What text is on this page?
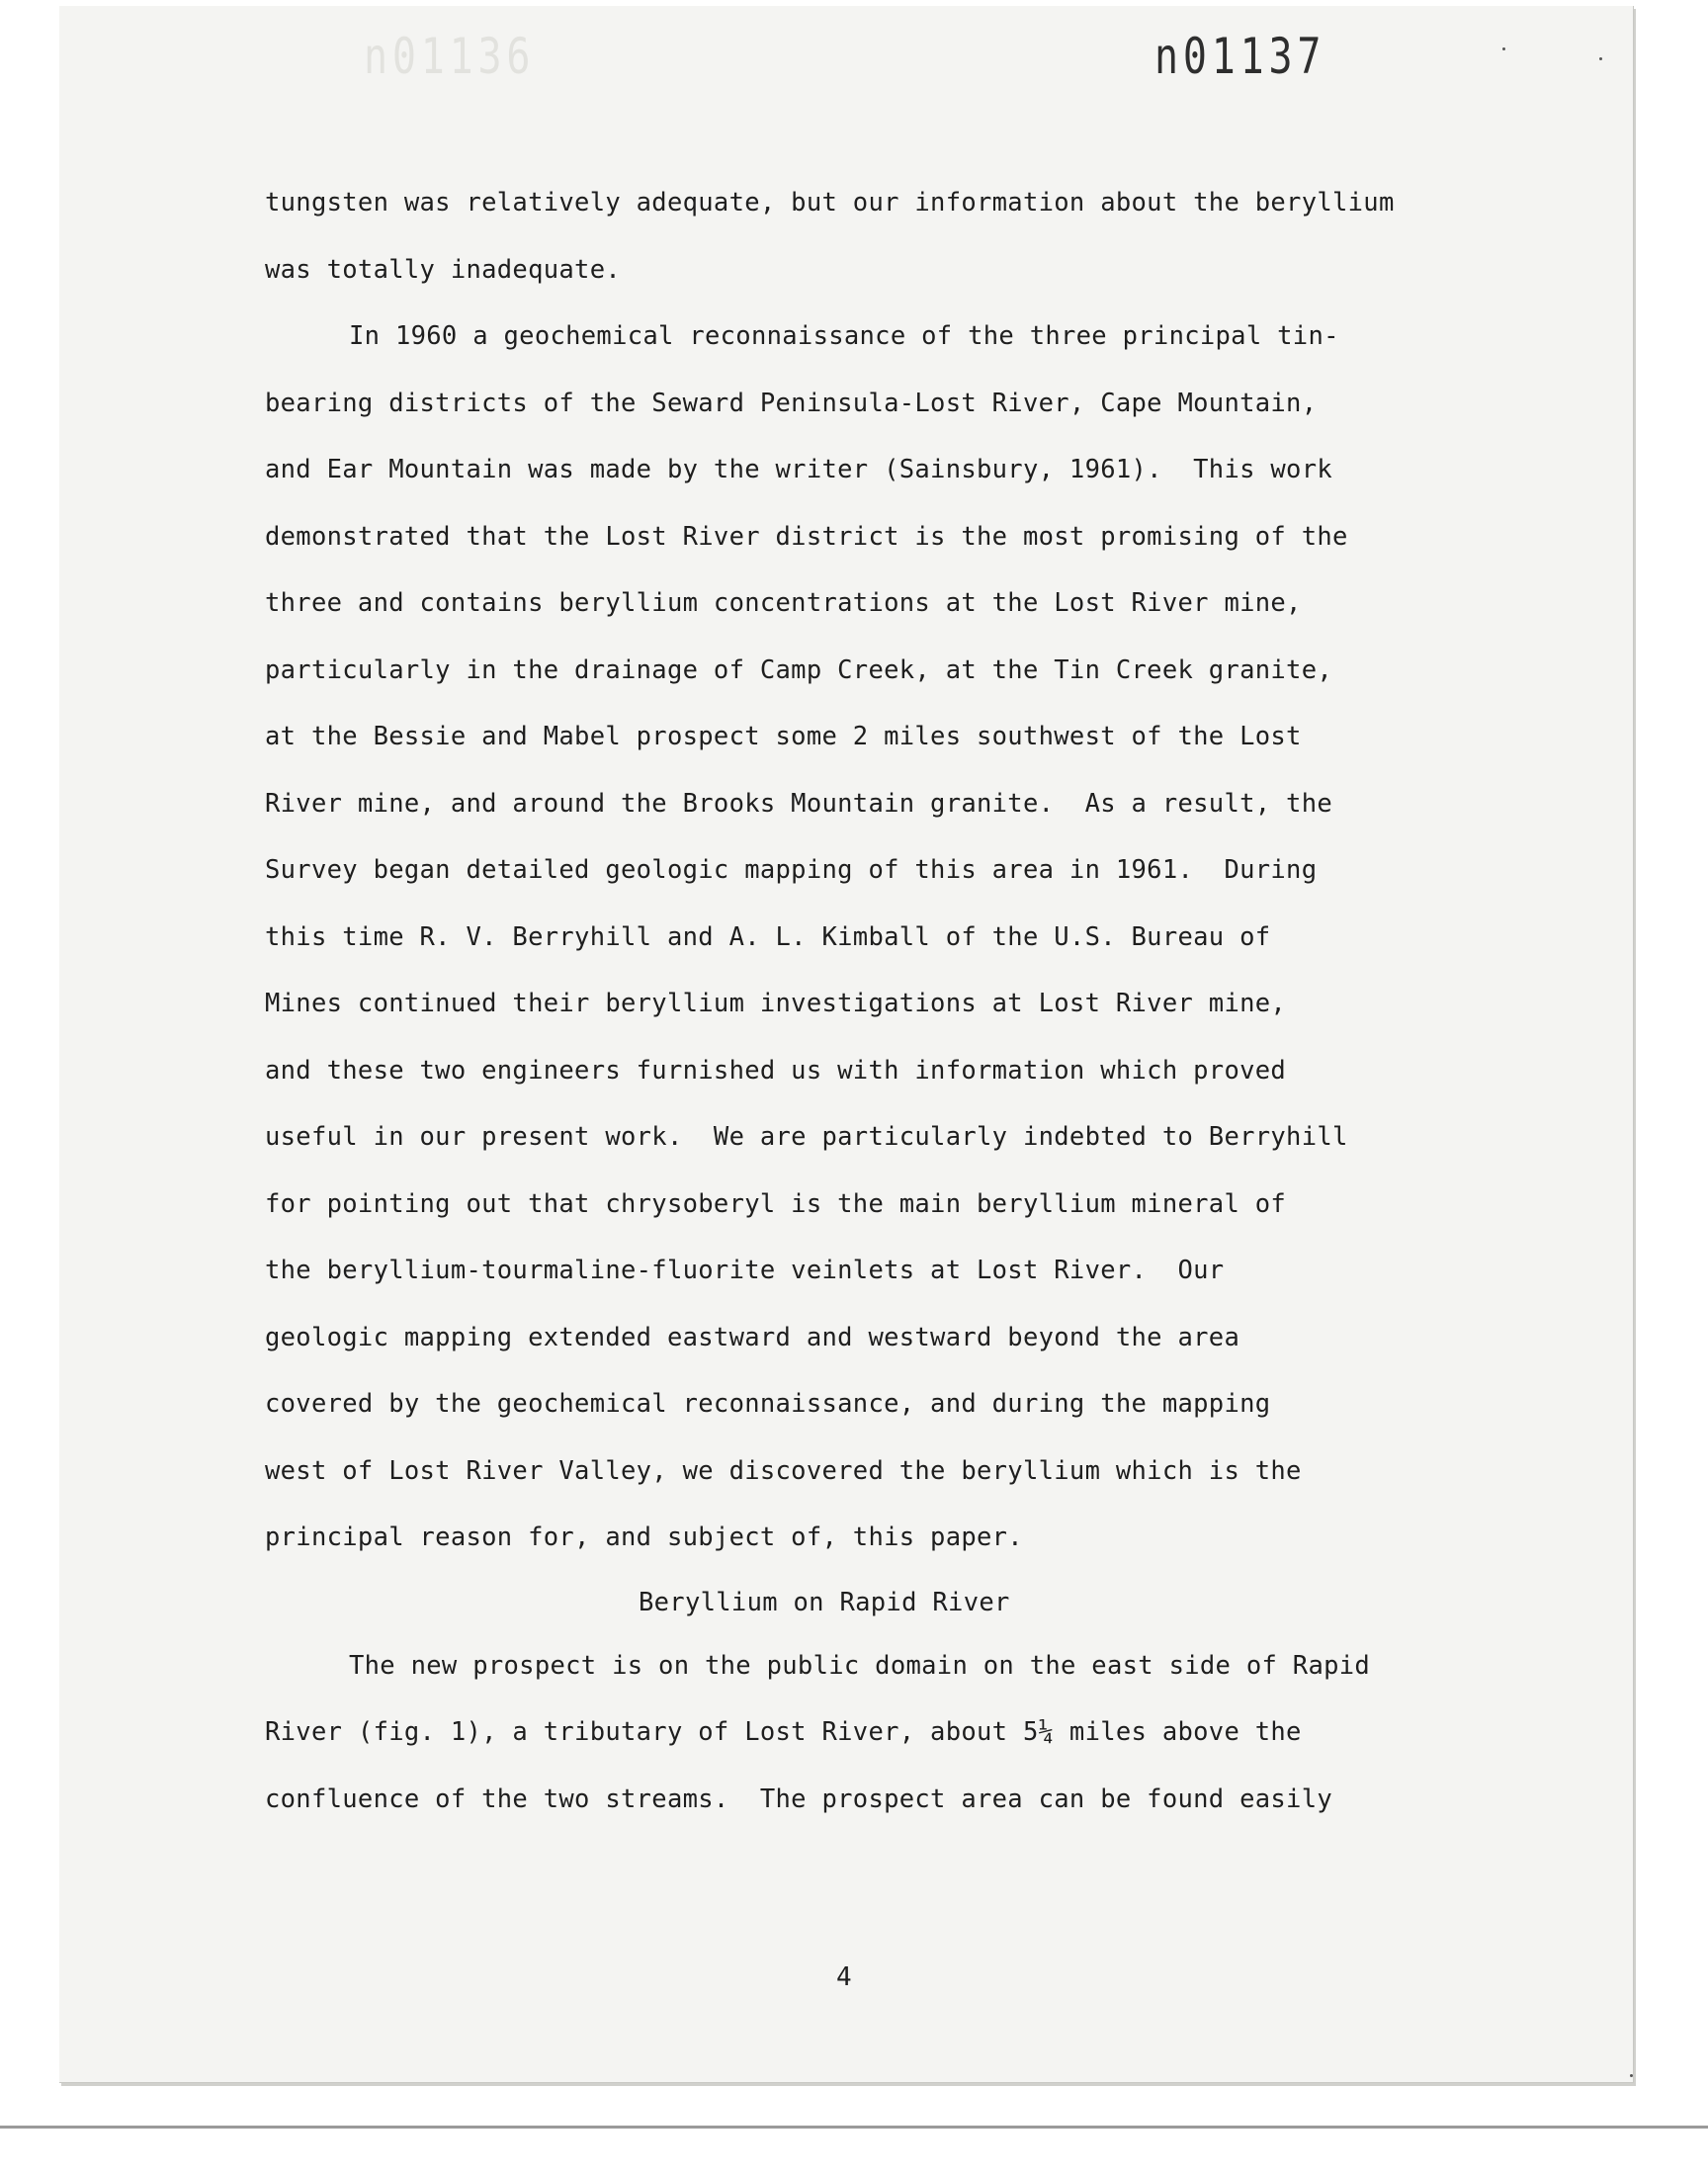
n01136	n01137
tungsten was relatively adequate, but our information about the beryllium
was totally inadequate.
In 1960 a geochemical reconnaissance of the three principal tin-
bearing districts of the Seward Peninsula-Lost River, Cape Mountain,
and Ear Mountain was made by the writer (Sainsbury, 1961).  This work
demonstrated that the Lost River district is the most promising of the
three and contains beryllium concentrations at the Lost River mine,
particularly in the drainage of Camp Creek, at the Tin Creek granite,
at the Bessie and Mabel prospect some 2 miles southwest of the Lost
River mine, and around the Brooks Mountain granite.  As a result, the
Survey began detailed geologic mapping of this area in 1961.  During
this time R. V. Berryhill and A. L. Kimball of the U.S. Bureau of
Mines continued their beryllium investigations at Lost River mine,
and these two engineers furnished us with information which proved
useful in our present work.  We are particularly indebted to Berryhill
for pointing out that chrysoberyl is the main beryllium mineral of
the beryllium-tourmaline-fluorite veinlets at Lost River.  Our
geologic mapping extended eastward and westward beyond the area
covered by the geochemical reconnaissance, and during the mapping
west of Lost River Valley, we discovered the beryllium which is the
principal reason for, and subject of, this paper.
Beryllium on Rapid River
The new prospect is on the public domain on the east side of Rapid
River (fig. 1), a tributary of Lost River, about 5¼ miles above the
confluence of the two streams.  The prospect area can be found easily
4
